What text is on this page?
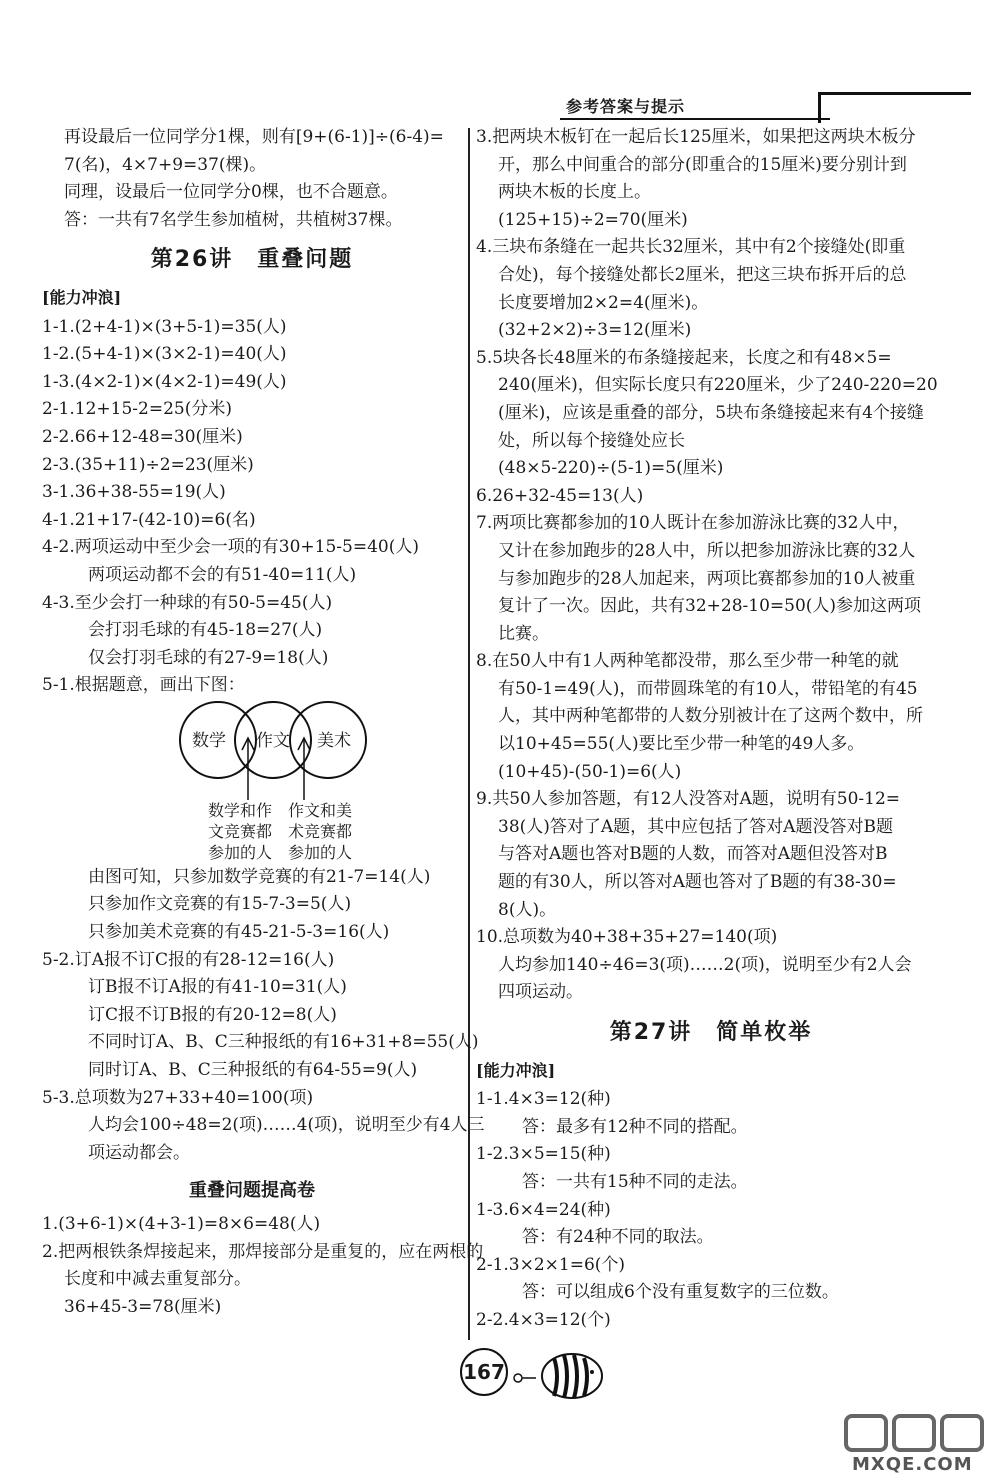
参考答案与提示
再设最后一位同学分1棵，则有[9+(6-1)]÷(6-4)=
7(名)，4×7+9=37(棵)。
同理，设最后一位同学分0棵，也不合题意。
答：一共有7名学生参加植树，共植树37棵。
第26讲　重叠问题
[能力冲浪]
1-1.(2+4-1)×(3+5-1)=35(人)
1-2.(5+4-1)×(3×2-1)=40(人)
1-3.(4×2-1)×(4×2-1)=49(人)
2-1.12+15-2=25(分米)
2-2.66+12-48=30(厘米)
2-3.(35+11)÷2=23(厘米)
3-1.36+38-55=19(人)
4-1.21+17-(42-10)=6(名)
4-2.两项运动中至少会一项的有30+15-5=40(人)
两项运动都不会的有51-40=11(人)
4-3.至少会打一种球的有50-5=45(人)
会打羽毛球的有45-18=27(人)
仅会打羽毛球的有27-9=18(人)
5-1.根据题意，画出下图：
数学 作文 美术
数学和作
文竞赛都
参加的人
作文和美
术竞赛都
参加的人
由图可知，只参加数学竞赛的有21-7=14(人)
只参加作文竞赛的有15-7-3=5(人)
只参加美术竞赛的有45-21-5-3=16(人)
5-2.订A报不订C报的有28-12=16(人)
订B报不订A报的有41-10=31(人)
订C报不订B报的有20-12=8(人)
不同时订A、B、C三种报纸的有16+31+8=55(人)
同时订A、B、C三种报纸的有64-55=9(人)
5-3.总项数为27+33+40=100(项)
人均会100÷48=2(项)……4(项)，说明至少有4人三
项运动都会。
重叠问题提高卷
1.(3+6-1)×(4+3-1)=8×6=48(人)
2.把两根铁条焊接起来，那焊接部分是重复的，应在两根的
长度和中减去重复部分。
36+45-3=78(厘米)
3.把两块木板钉在一起后长125厘米，如果把这两块木板分
开，那么中间重合的部分(即重合的15厘米)要分别计到
两块木板的长度上。
(125+15)÷2=70(厘米)
4.三块布条缝在一起共长32厘米，其中有2个接缝处(即重
合处)，每个接缝处都长2厘米，把这三块布拆开后的总
长度要增加2×2=4(厘米)。
(32+2×2)÷3=12(厘米)
5.5块各长48厘米的布条缝接起来，长度之和有48×5=
240(厘米)，但实际长度只有220厘米，少了240-220=20
(厘米)，应该是重叠的部分，5块布条缝接起来有4个接缝
处，所以每个接缝处应长
(48×5-220)÷(5-1)=5(厘米)
6.26+32-45=13(人)
7.两项比赛都参加的10人既计在参加游泳比赛的32人中，
又计在参加跑步的28人中，所以把参加游泳比赛的32人
与参加跑步的28人加起来，两项比赛都参加的10人被重
复计了一次。因此，共有32+28-10=50(人)参加这两项
比赛。
8.在50人中有1人两种笔都没带，那么至少带一种笔的就
有50-1=49(人)，而带圆珠笔的有10人，带铅笔的有45
人，其中两种笔都带的人数分别被计在了这两个数中，所
以10+45=55(人)要比至少带一种笔的49人多。
(10+45)-(50-1)=6(人)
9.共50人参加答题，有12人没答对A题，说明有50-12=
38(人)答对了A题，其中应包括了答对A题没答对B题
与答对A题也答对B题的人数，而答对A题但没答对B
题的有30人，所以答对A题也答对了B题的有38-30=
8(人)。
10.总项数为40+38+35+27=140(项)
人均参加140÷46=3(项)……2(项)，说明至少有2人会
四项运动。
第27讲　简单枚举
[能力冲浪]
1-1.4×3=12(种)
答：最多有12种不同的搭配。
1-2.3×5=15(种)
答：一共有15种不同的走法。
1-3.6×4=24(种)
答：有24种不同的取法。
2-1.3×2×1=6(个)
答：可以组成6个没有重复数字的三位数。
2-2.4×3=12(个)
167
MXQE.COM
